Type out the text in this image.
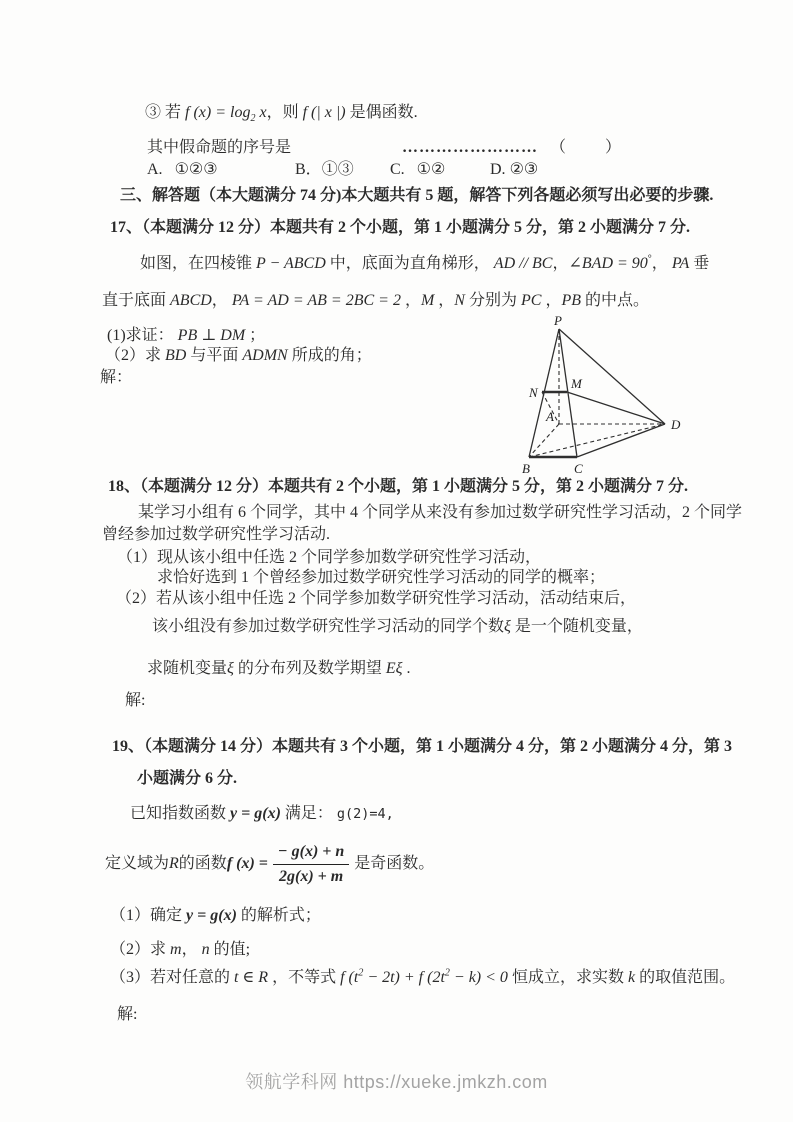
③ 若 f $(x) = \log_2 x$，则 f (| x |) 是偶函数.
其中假命题的序号是	…………………… （ ）
A. ①②③	B．①③ C. ①②	D. ②③
三、解答题（本大题满分 74 分)本大题共有 5 题，解答下列各题必须写出必要的步骤.
17、（本题满分 12 分）本题共有 2 个小题，第 1 小题满分 5 分，第 2 小题满分 7 分.
如图，在四棱锥 P − ABCD 中，底面为直角梯形， AD // BC，∠BAD = 90°， PA 垂
直于底面 ABCD， PA = AD = AB = 2BC = 2 ，M ，N 分别为 PC ，PB 的中点。
(1)求证： PB ⊥ DM ；
（2）求 BD 与平面 ADMN 所成的角；
解：
P
N
M
A
B	C
D
18、（本题满分 12 分）本题共有 2 个小题，第 1 小题满分 5 分，第 2 小题满分 7 分.
某学习小组有 6 个同学，其中 4 个同学从来没有参加过数学研究性学习活动，2 个同学
曾经参加过数学研究性学习活动.
（1）现从该小组中任选 2 个同学参加数学研究性学习活动，
求恰好选到 1 个曾经参加过数学研究性学习活动的同学的概率；
（2）若从该小组中任选 2 个同学参加数学研究性学习活动，活动结束后，
该小组没有参加过数学研究性学习活动的同学个数ξ 是一个随机变量，
求随机变量ξ 的分布列及数学期望 Eξ .
解:
19、（本题满分 14 分）本题共有 3 个小题，第 1 小题满分 4 分，第 2 小题满分 4 分，第 3
小题满分 6 分.
已知指数函数 y = g(x) 满足： g(2)=4,
定义域为 R 的函数 f $(x) = \frac{- g(x) + n}{2g(x) + m}$ 是奇函数。
（1）确定 y = g(x) 的解析式；
（2）求 m， n 的值;
（3）若对任意的 t ∈ R ，不等式 f $(t^2 - 2t) + f$ $(2t^2 - k) < 0$ 恒成立，求实数 k 的取值范围。
解:
领航学科网 https://xueke.jmkzh.com
